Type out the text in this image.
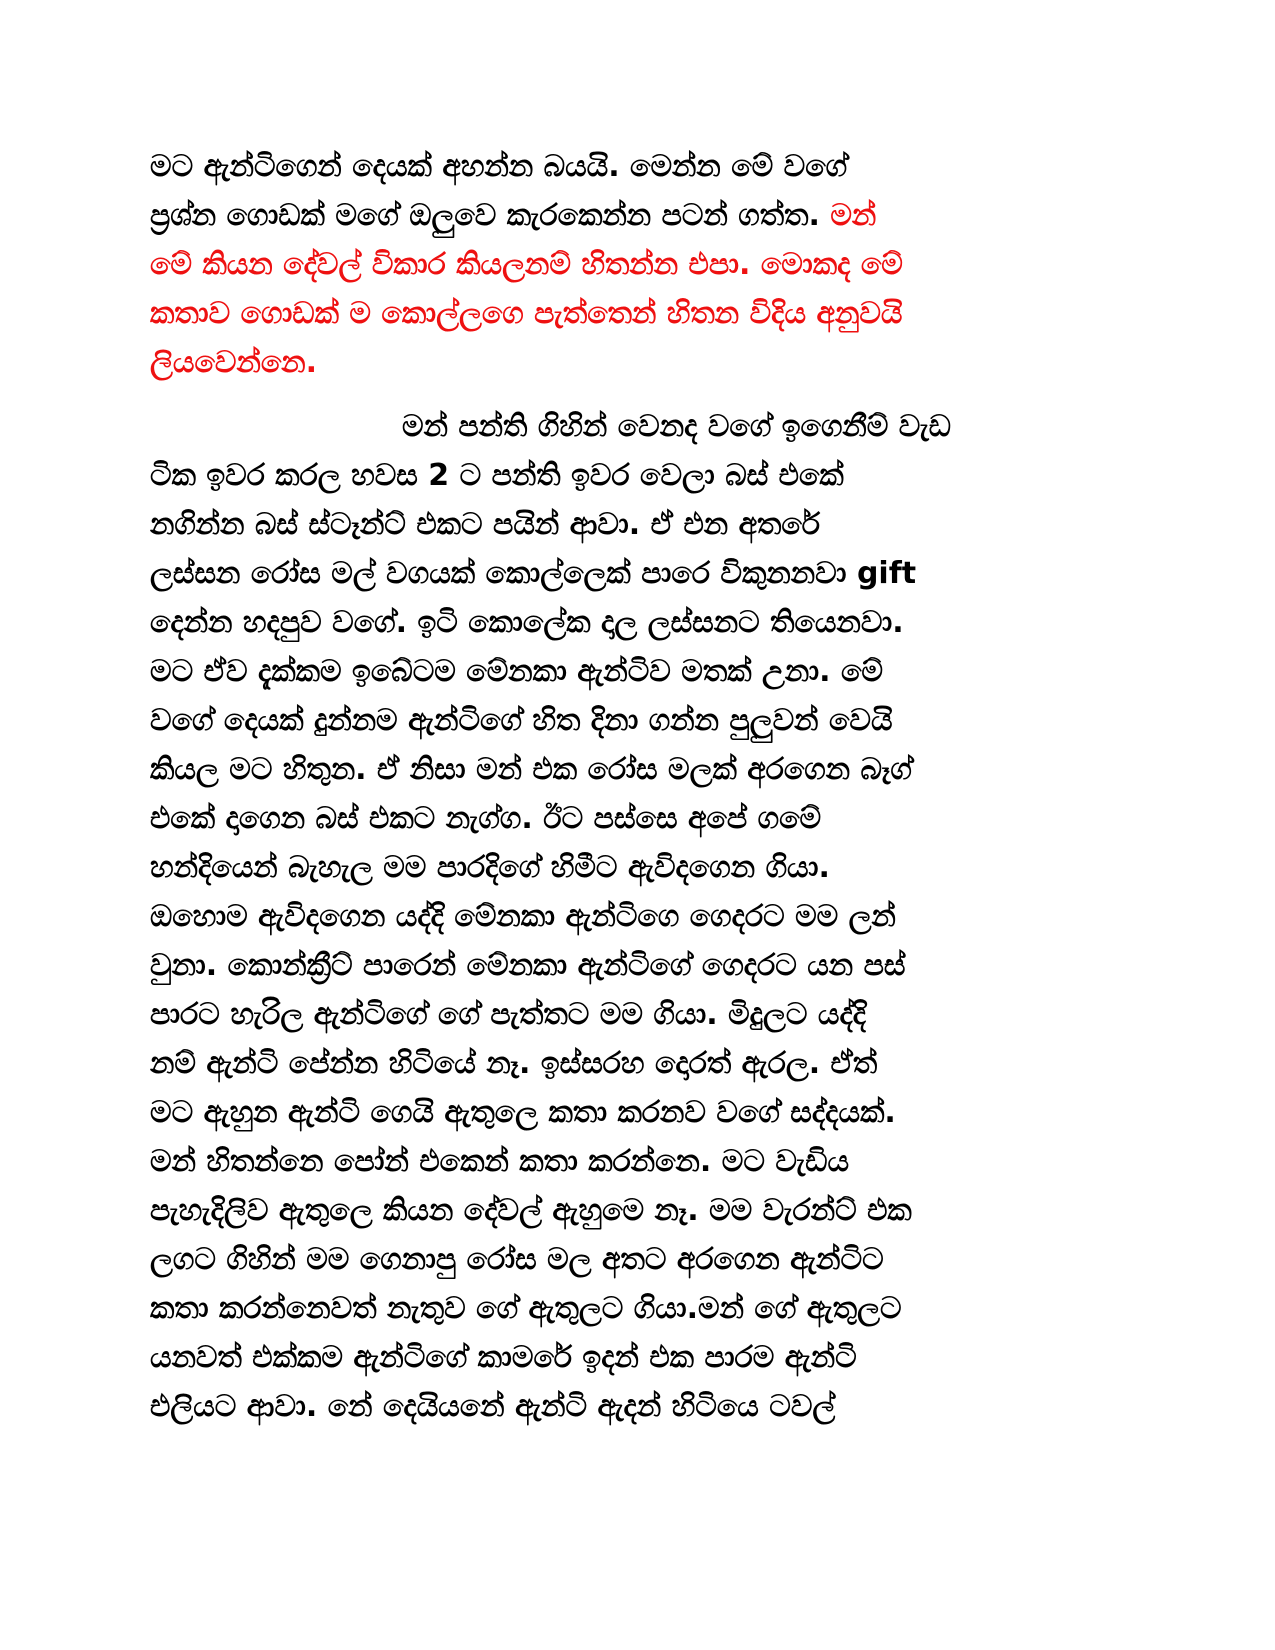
මට ඇන්ටිගෙන් දෙයක් අහන්න බයයි. මෙන්න මේ වගේ
ප්‍රශ්න ගොඩක් මගේ ඔලුවෙ කැරකෙන්න පටන් ගත්ත. මන්
මේ කියන දේවල් විකාර කියලනම් හිතන්න එපා. මොකද මේ
කතාව ගොඩක් ම කොල්ලගෙ පැත්තෙන් හිතන විදිය අනුවයි
ලියවෙන්නෙ.
මන් පන්ති ගිහින් වෙනද වගේ ඉගෙනීම් වැඩ
ටික ඉවර කරල හවස 2 ට පන්ති ඉවර වෙලා බස් එකේ
නගින්න බස් ස්ටෑන්ට් එකට පයින් ආවා. ඒ එන අතරේ
ලස්සන රෝස මල් වගයක් කොල්ලෙක් පාරෙ විකුනනවා gift
දෙන්න හදපුව වගේ. ඉටි කොලේක දාල ලස්සනට තියෙනවා.
මට ඒව දැක්කම ඉබේටම මේනකා ඇන්ටිව මතක් උනා. මේ
වගේ දෙයක් දුන්නම ඇන්ටිගේ හිත දිනා ගන්න පුලුවන් වෙයි
කියල මට හිතුන. ඒ නිසා මන් එක රෝස මලක් අරගෙන බෑග්
එකේ දාගෙන බස් එකට නැග්ග. ඊට පස්සෙ අපේ ගමේ
හන්දියෙන් බැහැල මම පාරදිගේ හිමීට ඇවිදගෙන ගියා.
ඔහොම ඇවිදගෙන යද්දි මේනකා ඇන්ටිගෙ ගෙදරට මම ලන්
වුනා. කොන්ක්‍රීට් පාරෙන් මේනකා ඇන්ටිගේ ගෙදරට යන පස්
පාරට හැරිල ඇන්ටිගේ ගේ පැත්තට මම ගියා. මිදුලට යද්දි
නම් ඇන්ටි පේන්න හිටියේ නෑ. ඉස්සරහ දොරත් ඇරල. ඒත්
මට ඇහුන ඇන්ටි ගෙයි ඇතුලෙ කතා කරනව වගේ සද්දයක්.
මන් හිතන්නෙ පෝන් එකෙන් කතා කරන්නෙ. මට වැඩිය
පැහැදිලිව ඇතුලෙ කියන දේවල් ඇහුමෙ නෑ. මම වැරන්ට් එක
ලගට ගිහින් මම ගෙනාපු රෝස මල අතට අරගෙන ඇන්ටිට
කතා කරන්නෙවත් නැතුව ගේ ඇතුලට ගියා.මන් ගේ ඇතුලට
යනවත් එක්කම ඇන්ටිගේ කාමරේ ඉදන් එක පාරම ඇන්ටි
එලියට ආවා. නේ දෙයියනේ ඇන්ටි ඇදන් හිටියෙ ටවල්
